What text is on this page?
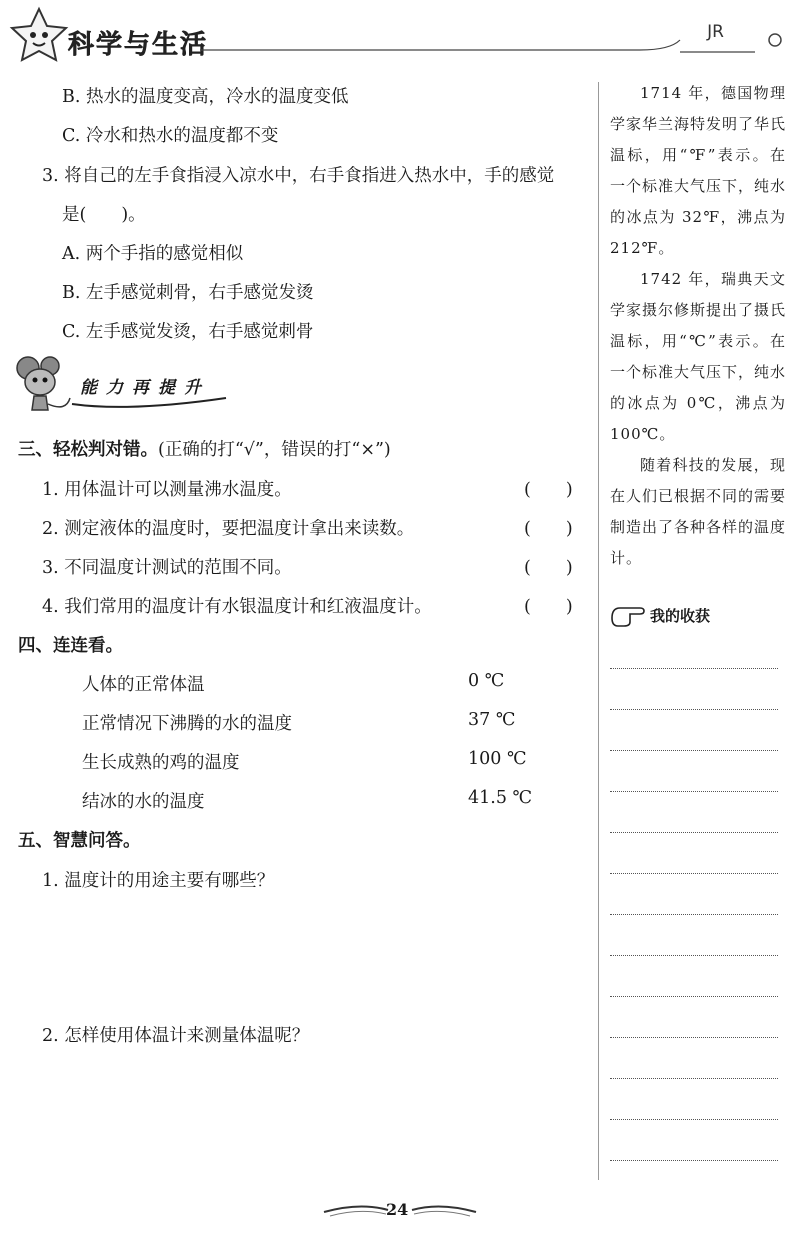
科学与生活	JR
B. 热水的温度变高，冷水的温度变低
C. 冷水和热水的温度都不变
3. 将自己的左手食指浸入凉水中，右手食指进入热水中，手的感觉
是(　　)。
A. 两个手指的感觉相似
B. 左手感觉刺骨，右手感觉发烫
C. 左手感觉发烫，右手感觉刺骨
能力再提升
三、轻松判对错。(正确的打“√”，错误的打“×”)
1. 用体温计可以测量沸水温度。	(　　)
2. 测定液体的温度时，要把温度计拿出来读数。	(　　)
3. 不同温度计测试的范围不同。	(　　)
4. 我们常用的温度计有水银温度计和红液温度计。	(　　)
四、连连看。
人体的正常体温	0 ℃
正常情况下沸腾的水的温度	37 ℃
生长成熟的鸡的温度	100 ℃
结冰的水的温度	41.5 ℃
五、智慧问答。
1. 温度计的用途主要有哪些？
2. 怎样使用体温计来测量体温呢？

1714 年，德国物理学家华兰海特发明了华氏温标，用“℉”表示。在一个标准大气压下，纯水的冰点为 32℉，沸点为 212℉。

1742 年，瑞典天文学家摄尔修斯提出了摄氏温标，用“℃”表示。在一个标准大气压下，纯水的冰点为 0℃，沸点为 100℃。

随着科技的发展，现在人们已根据不同的需要制造出了各种各样的温度计。

我的收获
24
